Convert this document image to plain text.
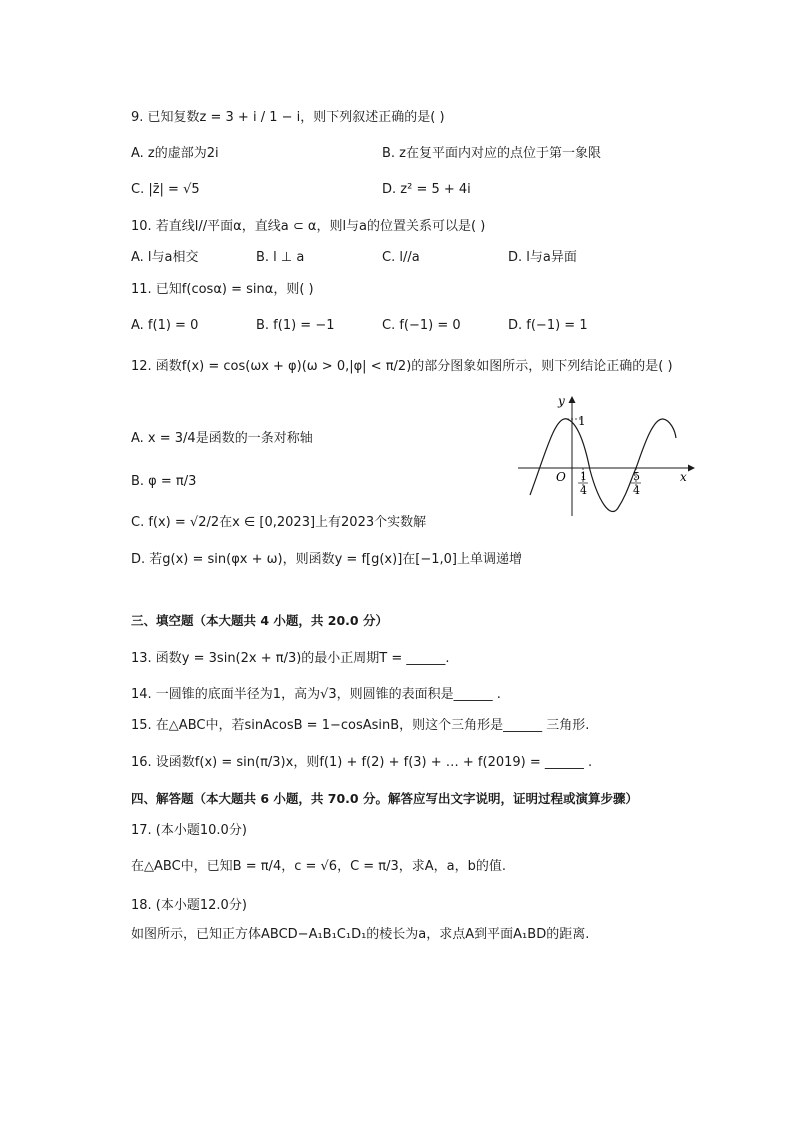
9. 已知复数z = 3 + i / 1 − i，则下列叙述正确的是( )
A. z的虚部为2i	B. z在复平面内对应的点位于第一象限
C. |z̄| = √5	D. z² = 5 + 4i
10. 若直线l//平面α，直线a ⊂ α，则l与a的位置关系可以是( )
A. l与a相交	B. l ⊥ a	C. l//a	D. l与a异面
11. 已知f(cosα) = sinα，则( )
A. f(1) = 0	B. f(1) = −1	C. f(−1) = 0	D. f(−1) = 1
12. 函数f(x) = cos(ωx + φ)(ω > 0,|φ| < π/2)的部分图象如图所示，则下列结论正确的是( )
A. x = 3/4是函数的一条对称轴
B. φ = π/3
C. f(x) = √2/2在x ∈ [0,2023]上有2023个实数解
D. 若g(x) = sin(φx + ω)，则函数y = f[g(x)]在[−1,0]上单调递增
y
x
O
1
1
4
5
4
三、填空题（本大题共 4 小题，共 20.0 分）
13. 函数y = 3sin(2x + π/3)的最小正周期T = ______.
14. 一圆锥的底面半径为1，高为√3，则圆锥的表面积是______ .
15. 在△ABC中，若sinAcosB = 1−cosAsinB，则这个三角形是______ 三角形.
16. 设函数f(x) = sin(π/3)x，则f(1) + f(2) + f(3) + … + f(2019) = ______ .
四、解答题（本大题共 6 小题，共 70.0 分。解答应写出文字说明，证明过程或演算步骤）
17. (本小题10.0分)
在△ABC中，已知B = π/4，c = √6，C = π/3，求A，a，b的值.
18. (本小题12.0分)
如图所示，已知正方体ABCD−A₁B₁C₁D₁的棱长为a，求点A到平面A₁BD的距离.
